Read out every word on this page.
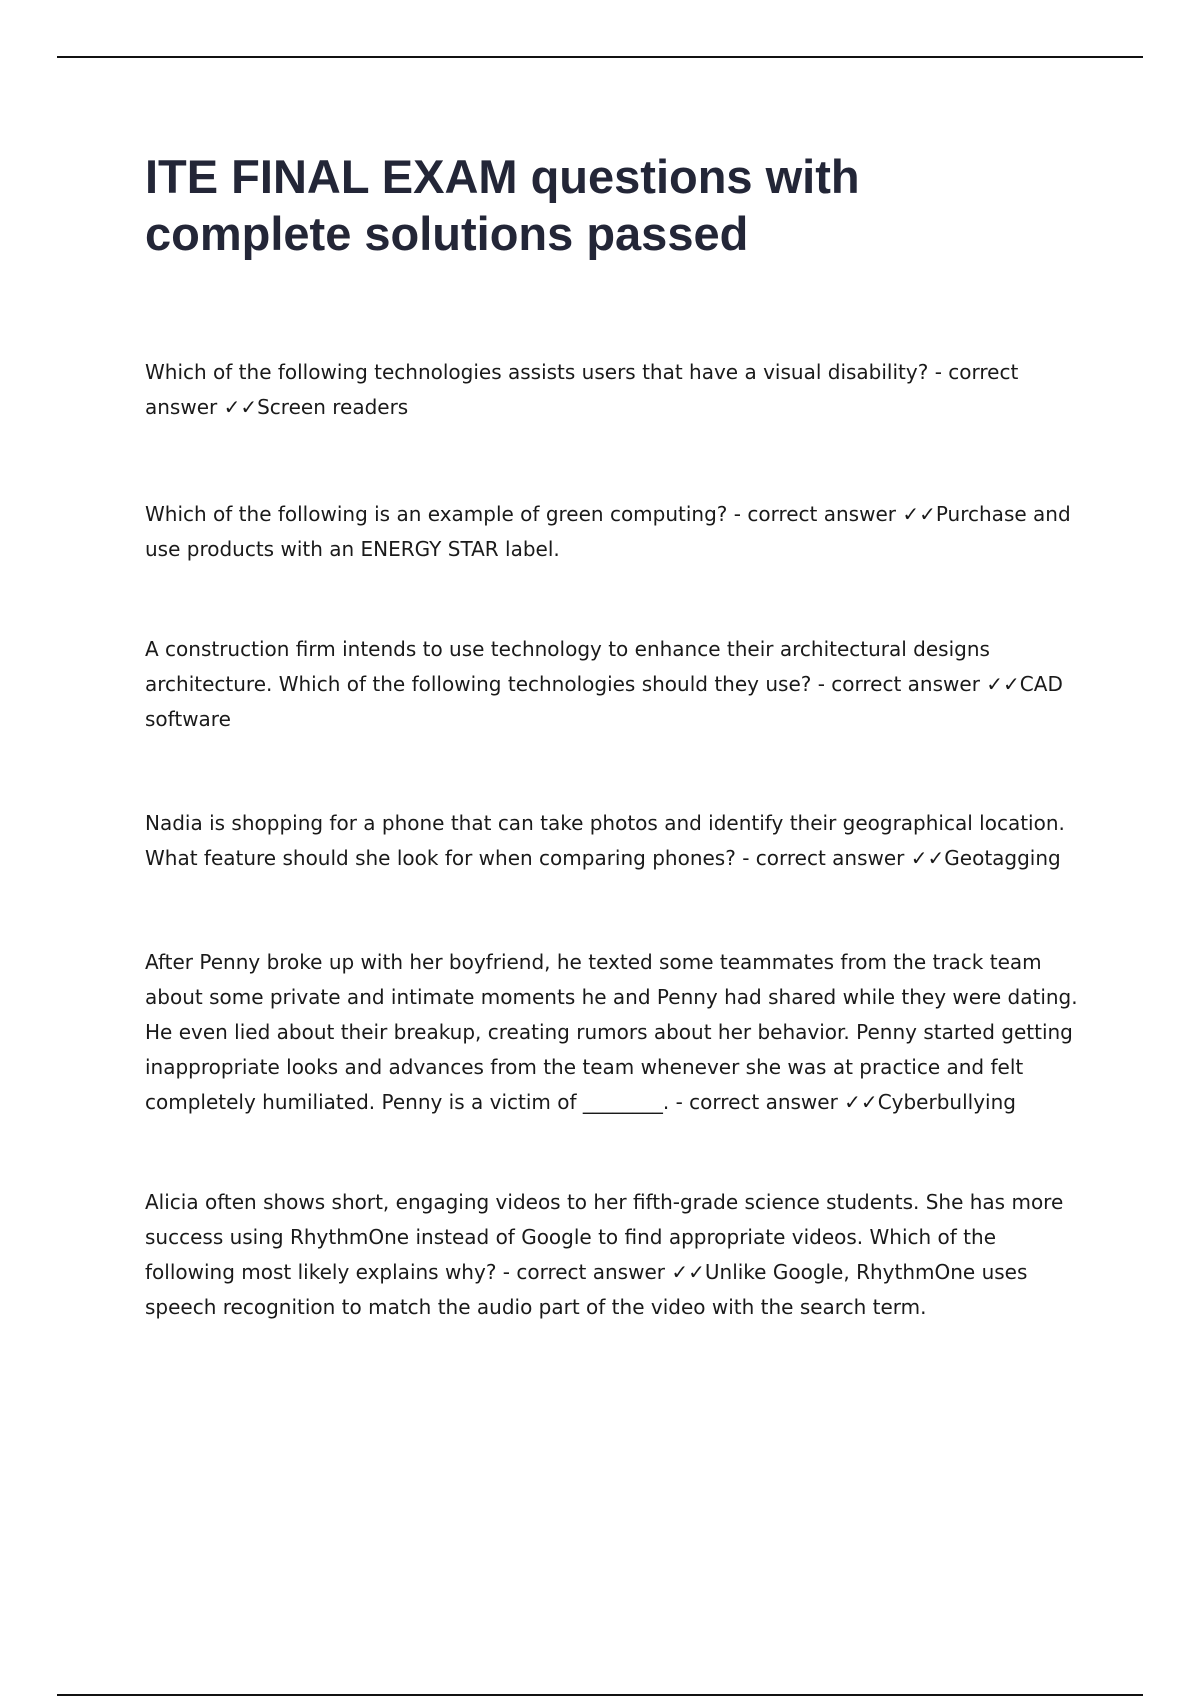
ITE FINAL EXAM questions with complete solutions passed

Which of the following technologies assists users that have a visual disability? - correct answer ✓✓Screen readers

Which of the following is an example of green computing? - correct answer ✓✓Purchase and use products with an ENERGY STAR label.

A construction firm intends to use technology to enhance their architectural designs architecture. Which of the following technologies should they use? - correct answer ✓✓CAD software

Nadia is shopping for a phone that can take photos and identify their geographical location. What feature should she look for when comparing phones? - correct answer ✓✓Geotagging

After Penny broke up with her boyfriend, he texted some teammates from the track team about some private and intimate moments he and Penny had shared while they were dating. He even lied about their breakup, creating rumors about her behavior. Penny started getting inappropriate looks and advances from the team whenever she was at practice and felt completely humiliated. Penny is a victim of ________. - correct answer ✓✓Cyberbullying

Alicia often shows short, engaging videos to her fifth-grade science students. She has more success using RhythmOne instead of Google to find appropriate videos. Which of the following most likely explains why? - correct answer ✓✓Unlike Google, RhythmOne uses speech recognition to match the audio part of the video with the search term.
